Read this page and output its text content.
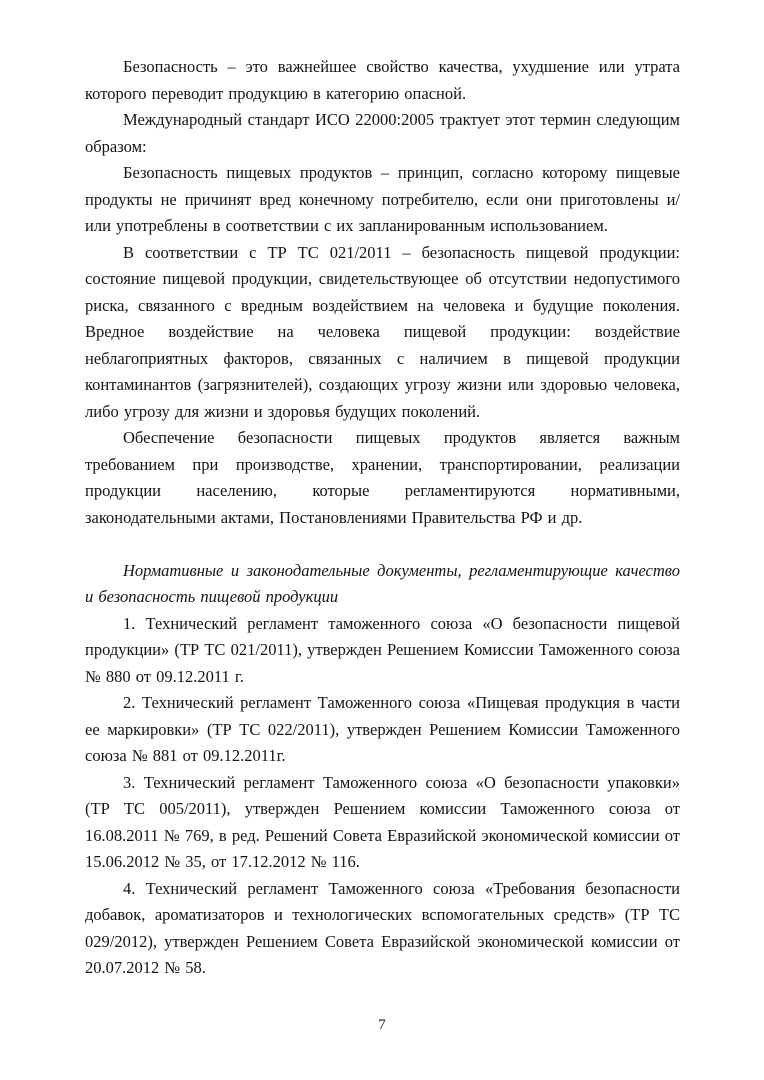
Безопасность – это важнейшее свойство качества, ухудшение или утрата которого переводит продукцию в категорию опасной.

Международный стандарт ИСО 22000:2005 трактует этот термин следующим образом:

Безопасность пищевых продуктов – принцип, согласно которому пищевые продукты не причинят вред конечному потребителю, если они приготовлены и/ или употреблены в соответствии с их запланированным использованием.

В соответствии с ТР ТС 021/2011 – безопасность пищевой продукции: состояние пищевой продукции, свидетельствующее об отсутствии недопустимого риска, связанного с вредным воздействием на человека и будущие поколения. Вредное воздействие на человека пищевой продукции: воздействие неблагоприятных факторов, связанных с наличием в пищевой продукции контаминантов (загрязнителей), создающих угрозу жизни или здоровью человека, либо угрозу для жизни и здоровья будущих поколений.

Обеспечение безопасности пищевых продуктов является важным требованием при производстве, хранении, транспортировании, реализации продукции населению, которые регламентируются нормативными, законодательными актами, Постановлениями Правительства РФ и др.

Нормативные и законодательные документы, регламентирующие качество и безопасность пищевой продукции

1. Технический регламент таможенного союза «О безопасности пищевой продукции» (ТР ТС 021/2011), утвержден Решением Комиссии Таможенного союза № 880 от 09.12.2011 г.

2. Технический регламент Таможенного союза «Пищевая продукция в части ее маркировки» (ТР ТС 022/2011), утвержден Решением Комиссии Таможенного союза № 881 от 09.12.2011г.

3. Технический регламент Таможенного союза «О безопасности упаковки» (ТР ТС 005/2011), утвержден Решением комиссии Таможенного союза от 16.08.2011 № 769, в ред. Решений Совета Евразийской экономической комиссии от 15.06.2012 № 35, от 17.12.2012 № 116.

4. Технический регламент Таможенного союза «Требования безопасности добавок, ароматизаторов и технологических вспомогательных средств» (ТР ТС 029/2012), утвержден Решением Совета Евразийской экономической комиссии от 20.07.2012 № 58.

7
